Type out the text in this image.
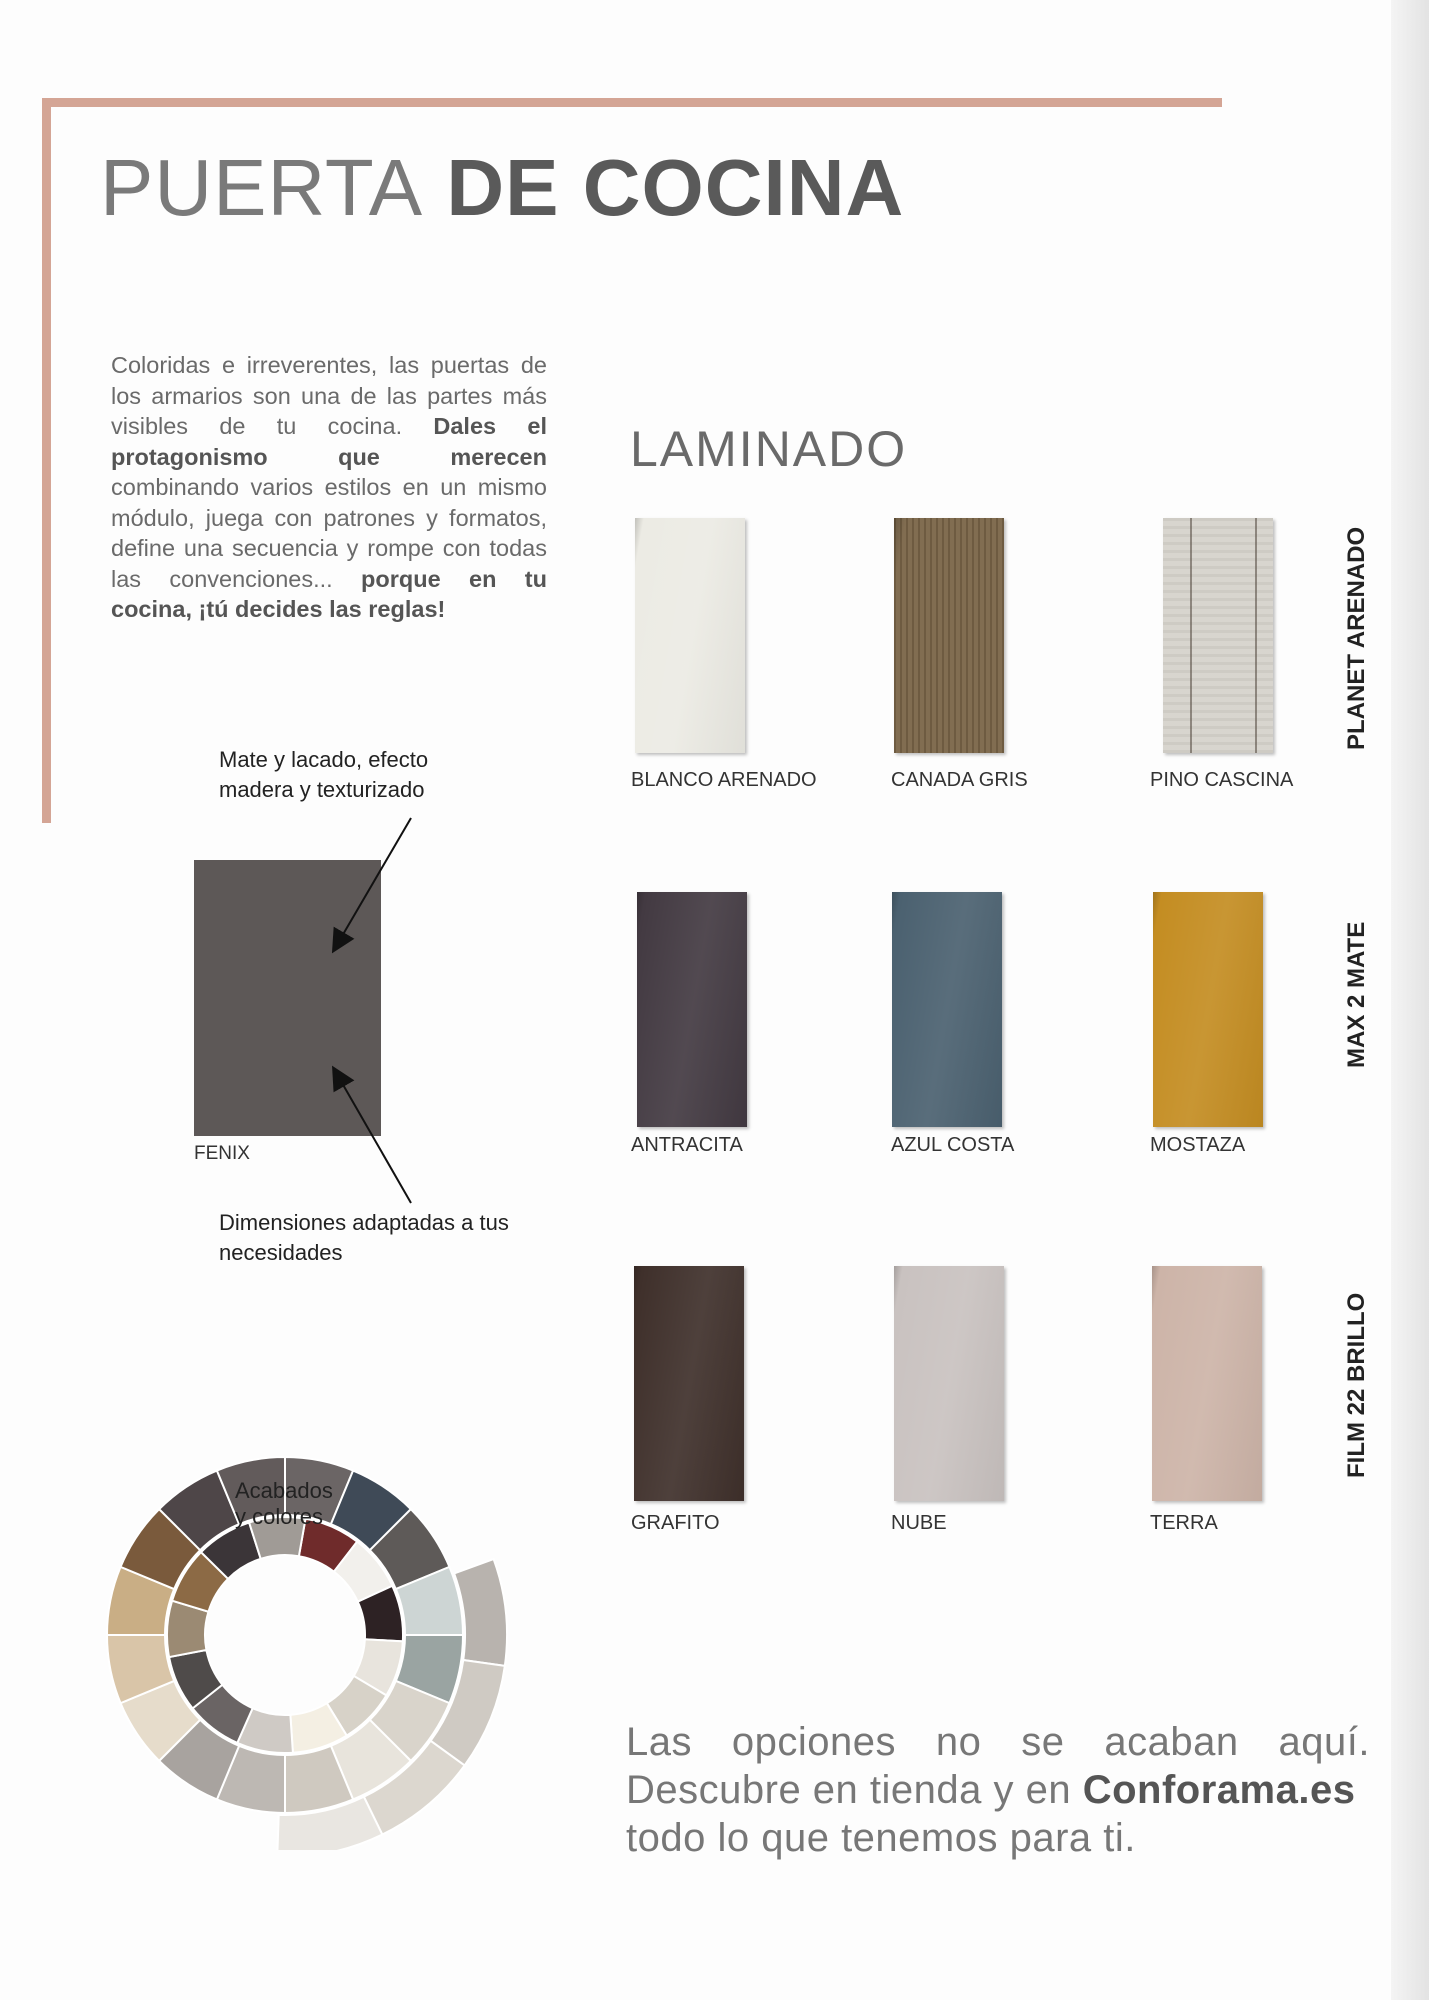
PUERTA DE COCINA
Coloridas e irreverentes, las puertas de los armarios son una de las partes más visibles de tu cocina. Dales el protagonismo que merecen combinando varios estilos en un mismo módulo, juega con patrones y formatos, define una secuencia y rompe con todas las convenciones... porque en tu cocina, ¡tú decides las reglas!
Mate y lacado, efecto madera y texturizado
FENIX
Dimensiones adaptadas a tus necesidades
Acabados
y colores
LAMINADO
BLANCO ARENADO	CANADA GRIS	PINO CASCINA
PLANET ARENADO
ANTRACITA	AZUL COSTA	MOSTAZA
MAX 2 MATE
GRAFITO	NUBE	TERRA
FILM 22 BRILLO
Las opciones no se acaban aquí.
Descubre en tienda y en Conforama.es
todo lo que tenemos para ti.
